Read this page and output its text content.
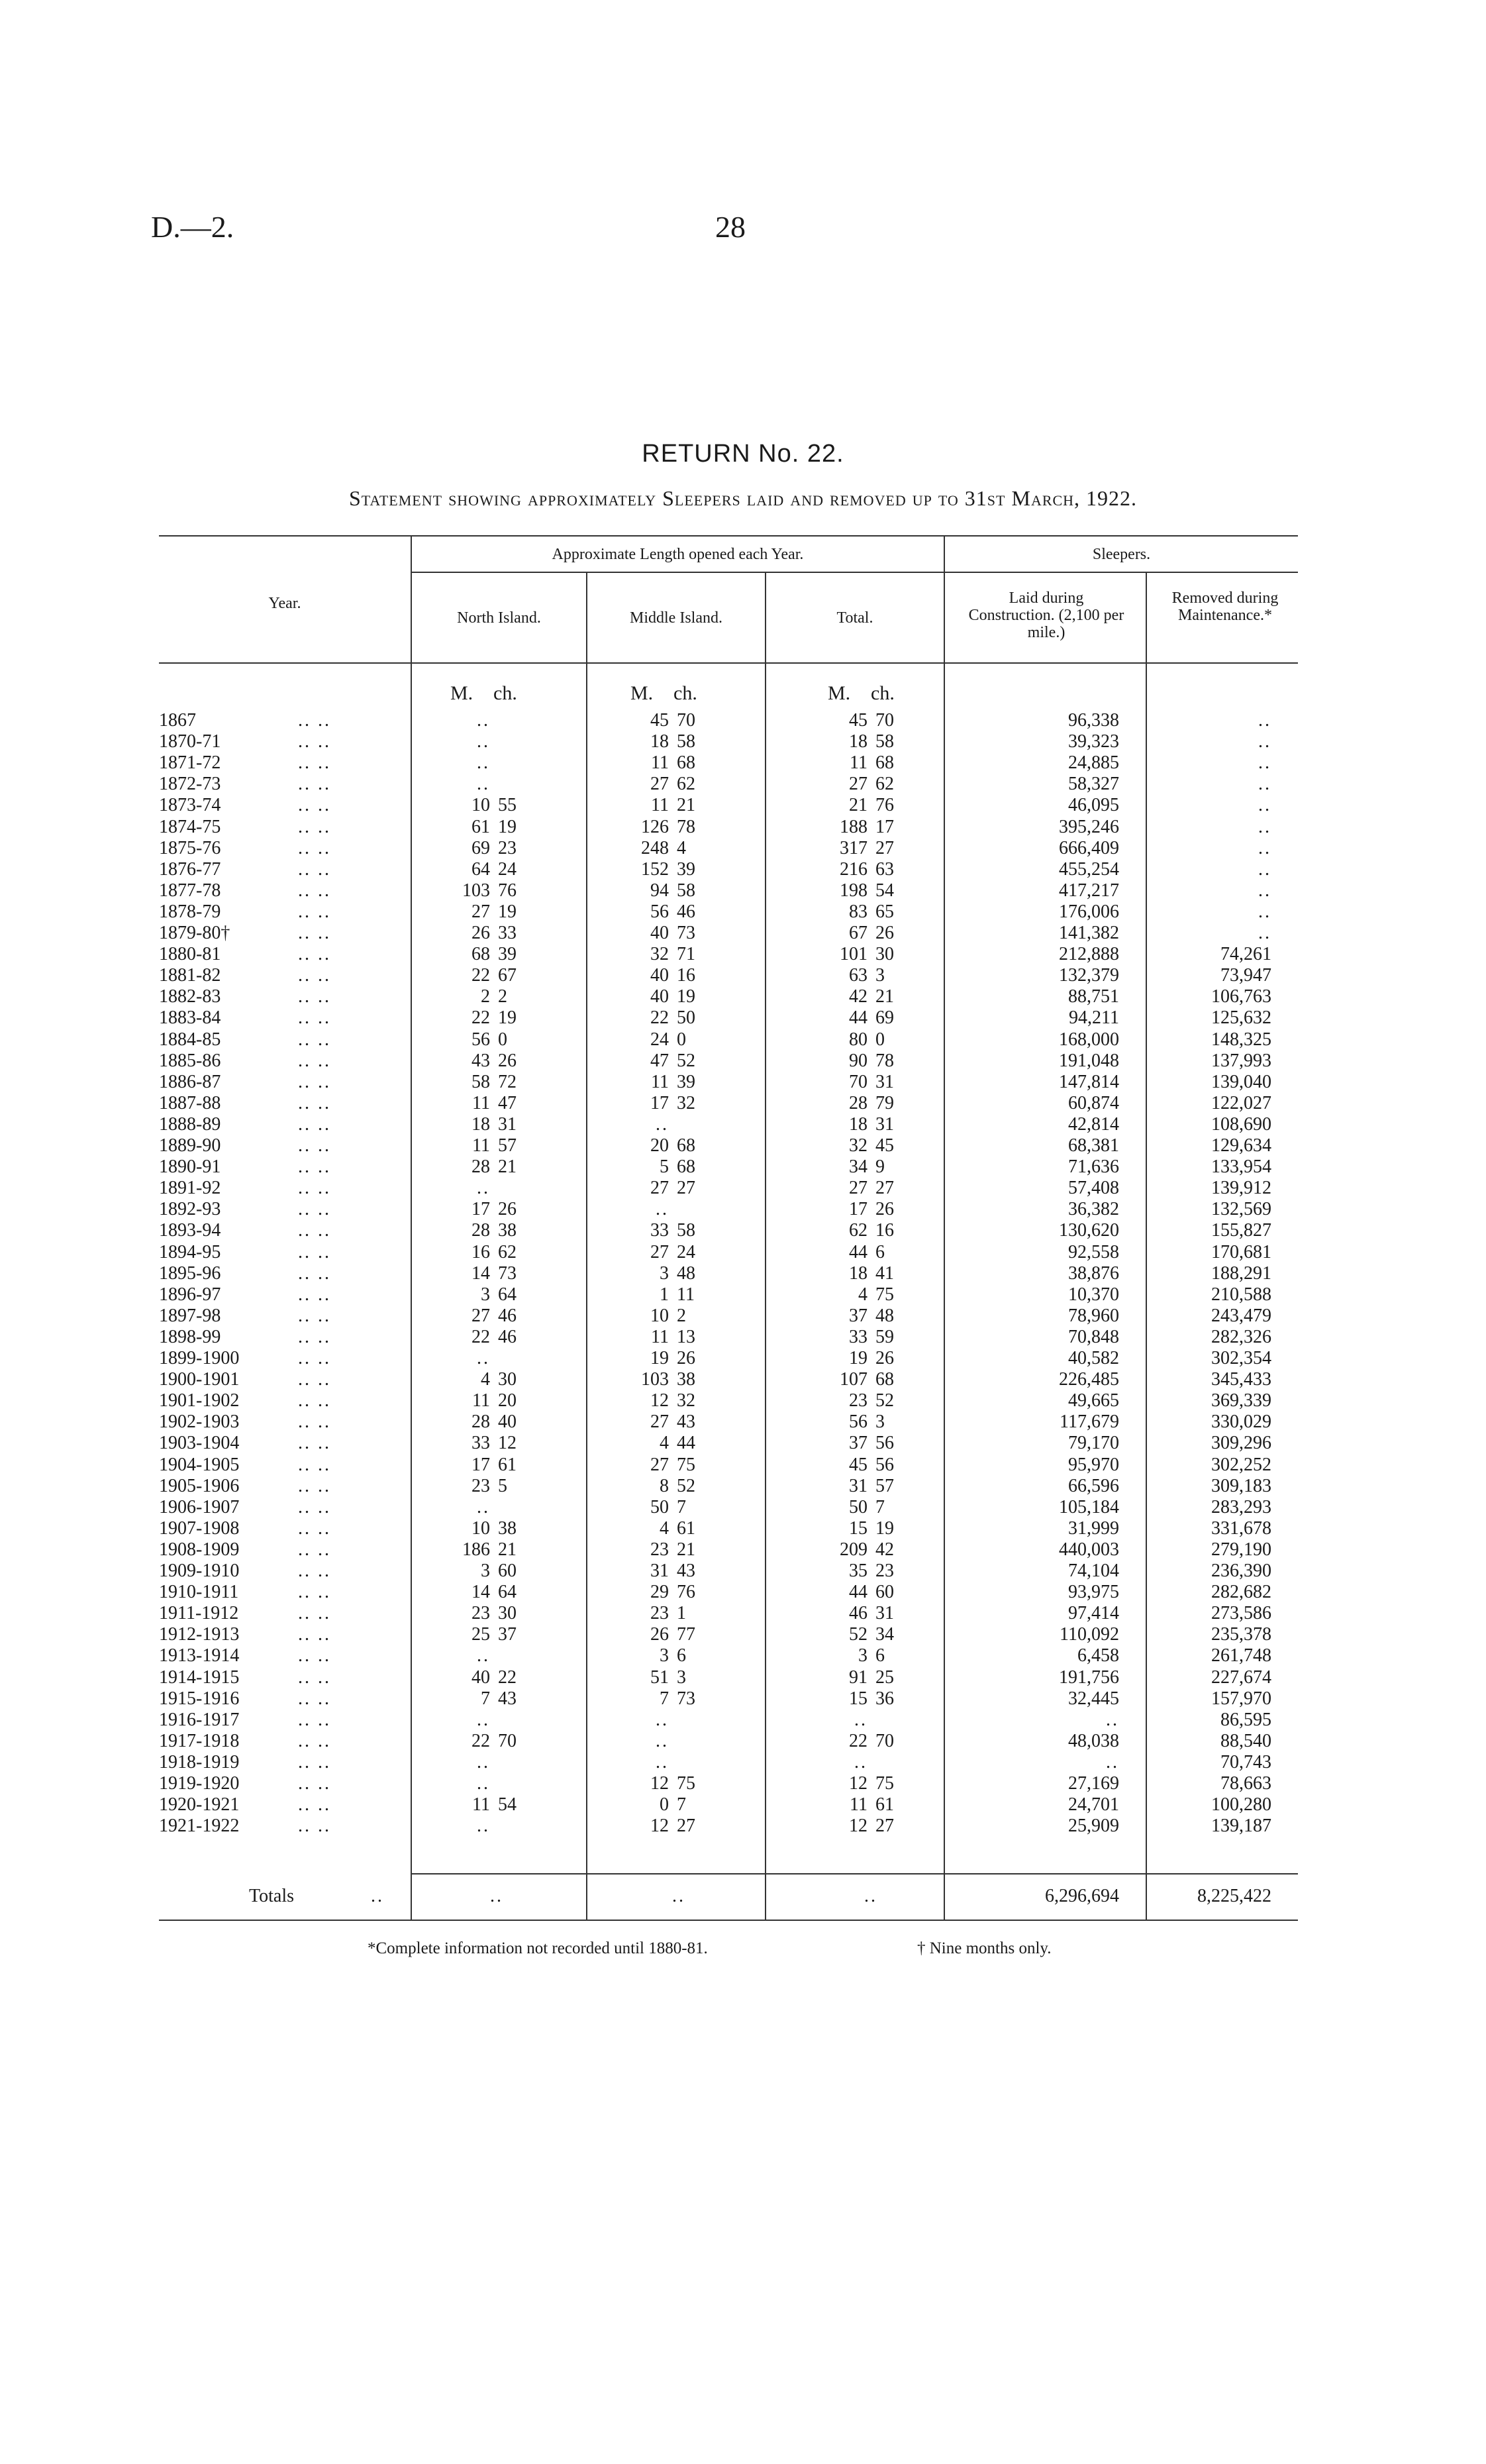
D.—2.	28
RETURN No. 22.
Statement showing approximately Sleepers laid and removed up to 31st March, 1922.
Year.
Approximate Length opened each Year.	Sleepers.
North Island.	Middle Island.	Total.
Laid during Construction. (2,100 per mile.)
Removed during Maintenance.*
M. ch.	M. ch.	M. ch.
.. ..
1867	..	45 70	45 70	96,338	..
.. ..
1870-71	..	18 58	18 58	39,323	..
.. ..
1871-72	..	11 68	11 68	24,885	..
.. ..
1872-73	..	27 62	27 62	58,327	..
.. ..
1873-74	10 55	11 21	21 76	46,095	..
.. ..
1874-75	61 19	126 78	188 17	395,246	..
.. ..
1875-76	69 23	248 4	317 27	666,409	..
.. ..
1876-77	64 24	152 39	216 63	455,254	..
.. ..
1877-78	103 76	94 58	198 54	417,217	..
.. ..
1878-79	27 19	56 46	83 65	176,006	..
.. ..
1879-80†	26 33	40 73	67 26	141,382	..
.. ..
1880-81	68 39	32 71	101 30	212,888	74,261
.. ..
1881-82	22 67	40 16	63 3	132,379	73,947
.. ..
1882-83	2 2	40 19	42 21	88,751	106,763
.. ..
1883-84	22 19	22 50	44 69	94,211	125,632
.. ..
1884-85	56 0	24 0	80 0	168,000	148,325
.. ..
1885-86	43 26	47 52	90 78	191,048	137,993
.. ..
1886-87	58 72	11 39	70 31	147,814	139,040
.. ..
1887-88	11 47	17 32	28 79	60,874	122,027
.. ..
1888-89	18 31	..	18 31	42,814	108,690
.. ..
1889-90	11 57	20 68	32 45	68,381	129,634
.. ..
1890-91	28 21	5 68	34 9	71,636	133,954
.. ..
1891-92	..	27 27	27 27	57,408	139,912
.. ..
1892-93	17 26	..	17 26	36,382	132,569
.. ..
1893-94	28 38	33 58	62 16	130,620	155,827
.. ..
1894-95	16 62	27 24	44 6	92,558	170,681
.. ..
1895-96	14 73	3 48	18 41	38,876	188,291
.. ..
1896-97	3 64	1 11	4 75	10,370	210,588
.. ..
1897-98	27 46	10 2	37 48	78,960	243,479
.. ..
1898-99	22 46	11 13	33 59	70,848	282,326
.. ..
1899-1900	..	19 26	19 26	40,582	302,354
.. ..
1900-1901	4 30	103 38	107 68	226,485	345,433
.. ..
1901-1902	11 20	12 32	23 52	49,665	369,339
.. ..
1902-1903	28 40	27 43	56 3	117,679	330,029
.. ..
1903-1904	33 12	4 44	37 56	79,170	309,296
.. ..
1904-1905	17 61	27 75	45 56	95,970	302,252
.. ..
1905-1906	23 5	8 52	31 57	66,596	309,183
.. ..
1906-1907	..	50 7	50 7	105,184	283,293
.. ..
1907-1908	10 38	4 61	15 19	31,999	331,678
.. ..
1908-1909	186 21	23 21	209 42	440,003	279,190
.. ..
1909-1910	3 60	31 43	35 23	74,104	236,390
.. ..
1910-1911	14 64	29 76	44 60	93,975	282,682
.. ..
1911-1912	23 30	23 1	46 31	97,414	273,586
.. ..
1912-1913	25 37	26 77	52 34	110,092	235,378
.. ..
1913-1914	..	3 6	3 6	6,458	261,748
.. ..
1914-1915	40 22	51 3	91 25	191,756	227,674
.. ..
1915-1916	7 43	7 73	15 36	32,445	157,970
.. ..
1916-1917	..	..	..	..	86,595
.. ..
1917-1918	22 70	..	22 70	48,038	88,540
.. ..
1918-1919	..	..	..	..	70,743
.. ..
1919-1920	..	12 75	12 75	27,169	78,663
.. ..
1920-1921	11 54	0 7	11 61	24,701	100,280
.. ..
1921-1922	..	12 27	12 27	25,909	139,187
Totals	..	..	..	..	6,296,694	8,225,422
*Complete information not recorded until 1880-81.	† Nine months only.
